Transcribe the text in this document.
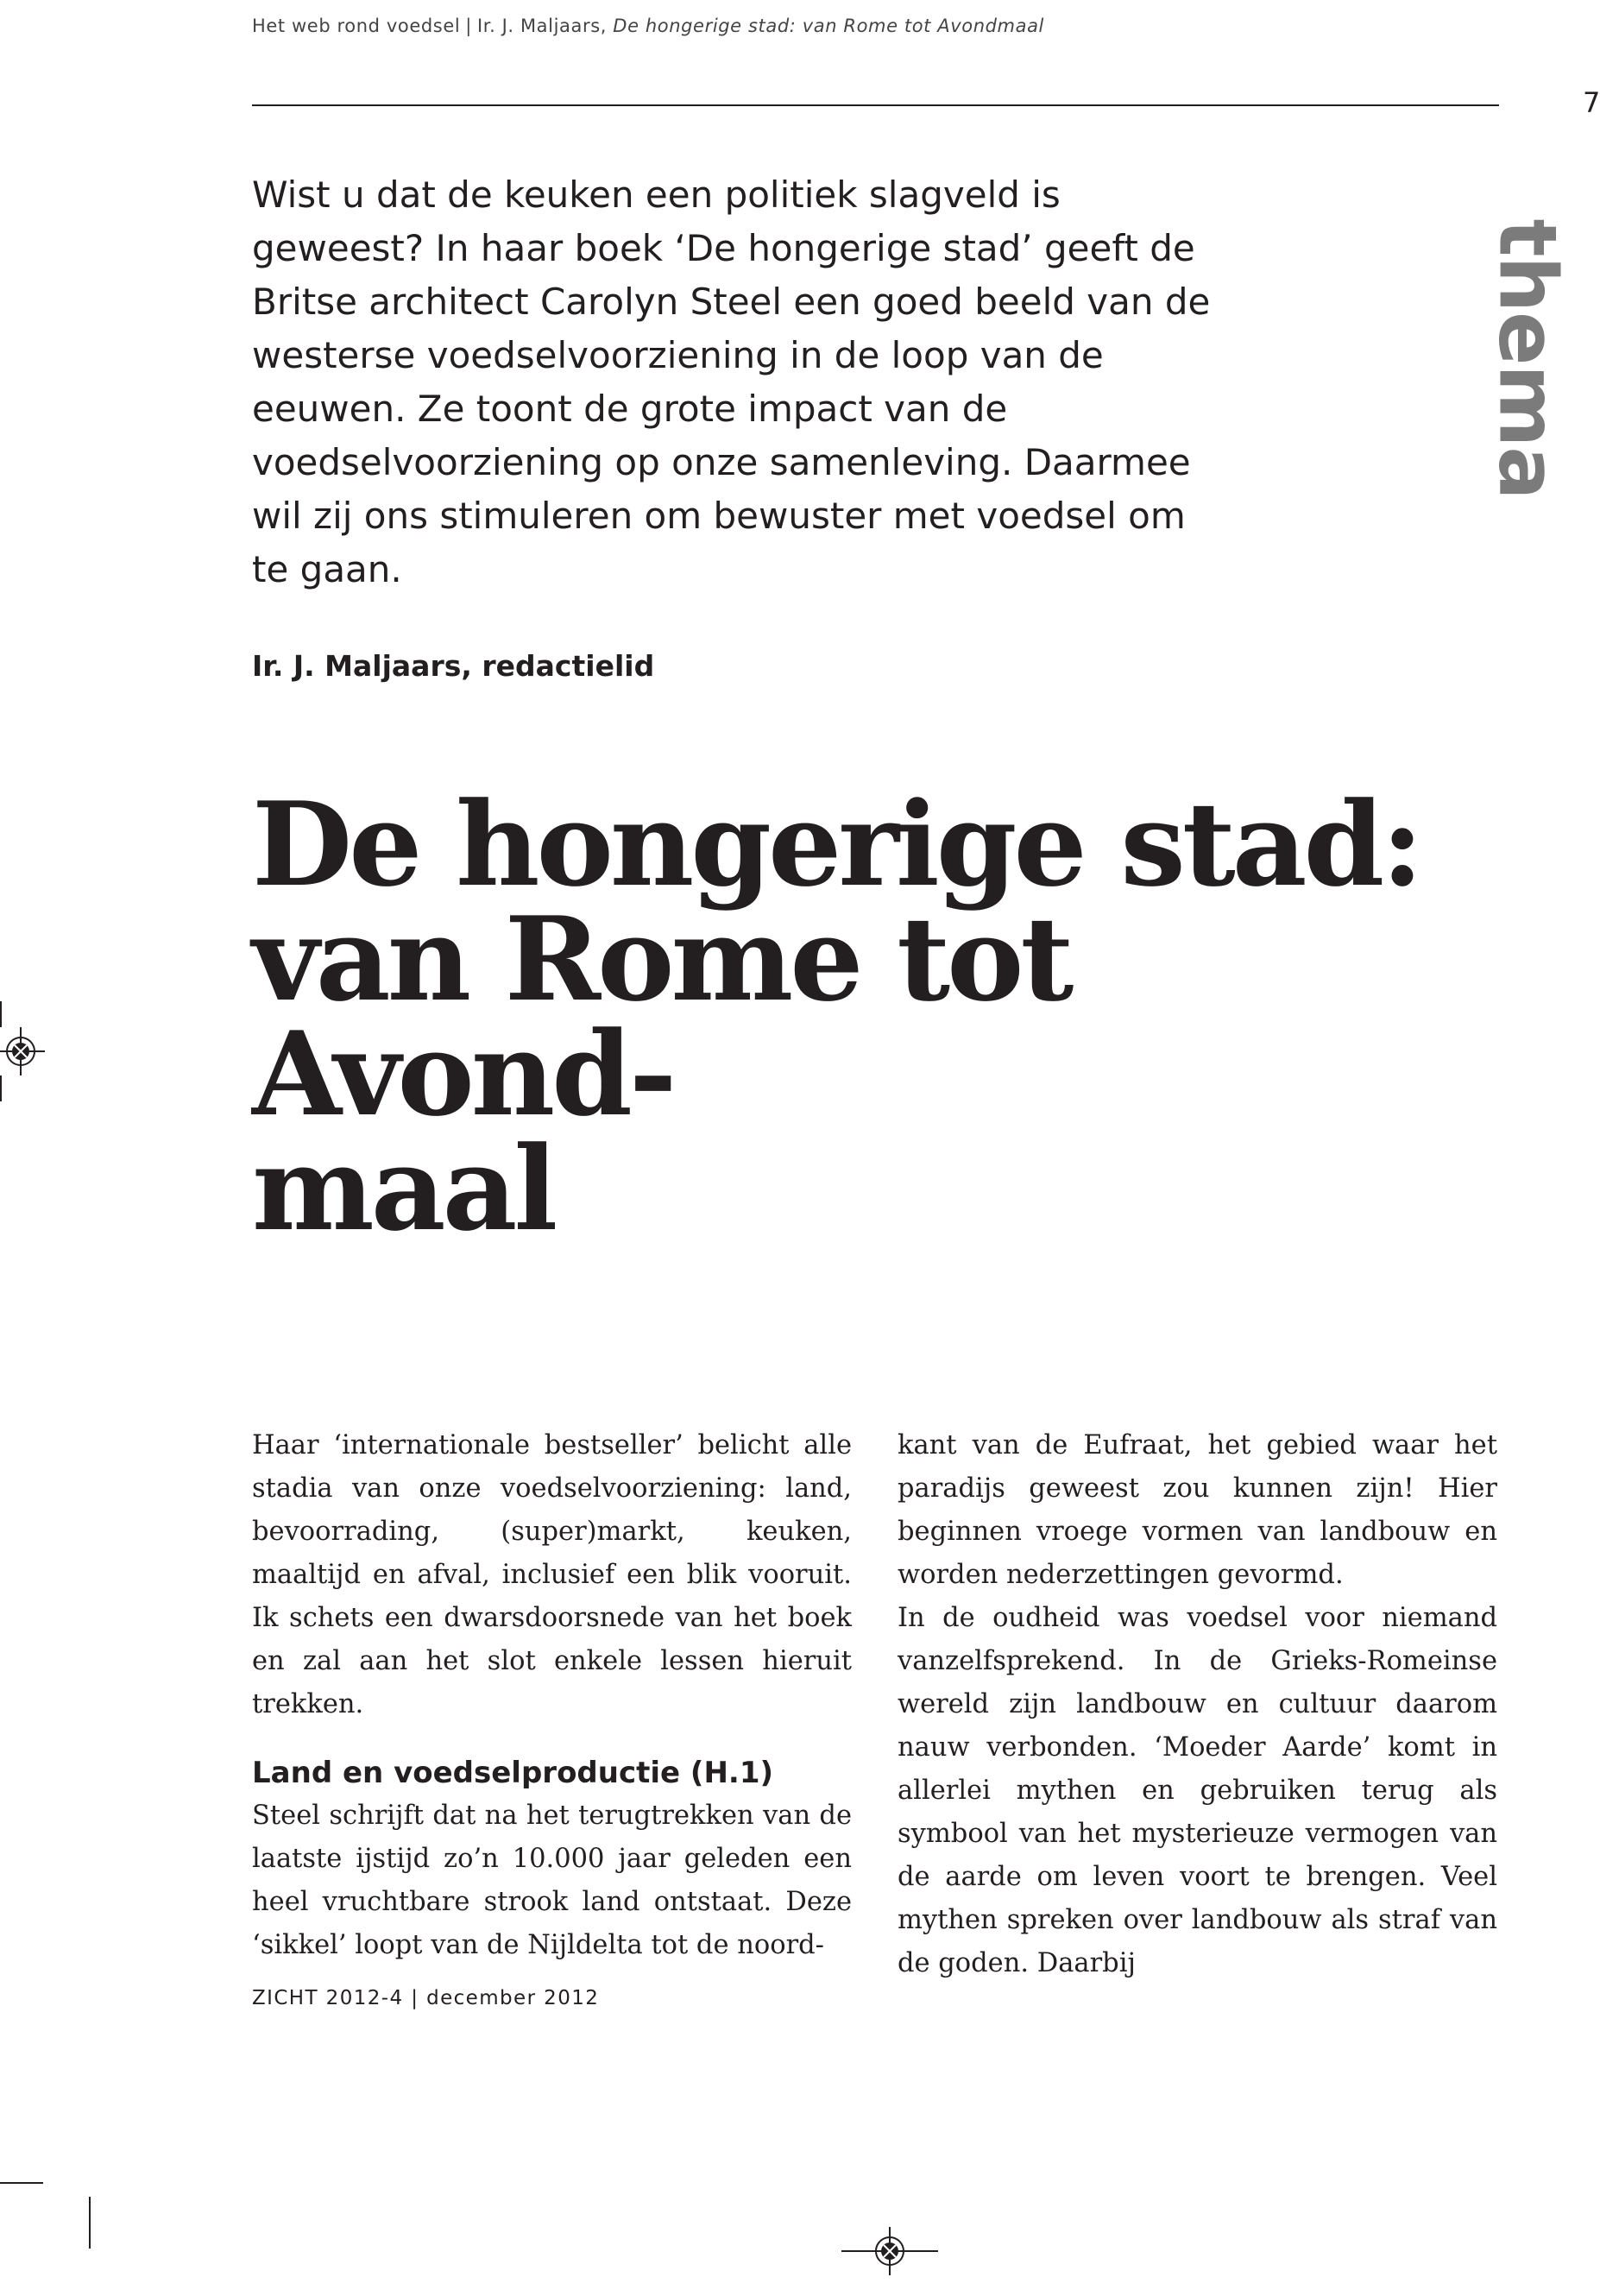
Het web rond voedsel | Ir. J. Maljaars, De hongerige stad: van Rome tot Avondmaal
7

Wist u dat de keuken een politiek slagveld is geweest? In haar boek ‘De hongerige stad’ geeft de Britse architect Carolyn Steel een goed beeld van de westerse voedselvoorziening in de loop van de eeuwen. Ze toont de grote impact van de voedselvoorziening op onze samenleving. Daarmee wil zij ons stimuleren om bewuster met voedsel om te gaan.

thema
Ir. J. Maljaars, redactielid
De hongerige stad:
van Rome tot Avond-
maal

Haar ‘internationale bestseller’ belicht alle stadia van onze voedselvoorziening: land, bevoorrading, (super)markt, keuken, maaltijd en afval, inclusief een blik vooruit. Ik schets een dwarsdoorsnede van het boek en zal aan het slot enkele lessen hieruit trekken.

Land en voedselproductie (H.1)

Steel schrijft dat na het terugtrekken van de laatste ijstijd zo’n 10.000 jaar geleden een heel vruchtbare strook land ontstaat. Deze ‘sikkel’ loopt van de Nijldelta tot de noord-

kant van de Eufraat, het gebied waar het paradijs geweest zou kunnen zijn! Hier beginnen vroege vormen van landbouw en worden nederzettingen gevormd.

In de oudheid was voedsel voor niemand vanzelfsprekend. In de Grieks-Romeinse wereld zijn landbouw en cultuur daarom nauw verbonden. ‘Moeder Aarde’ komt in allerlei mythen en gebruiken terug als symbool van het mysterieuze vermogen van de aarde om leven voort te brengen. Veel mythen spreken over landbouw als straf van de goden. Daarbij

ZICHT 2012-4 | december 2012
